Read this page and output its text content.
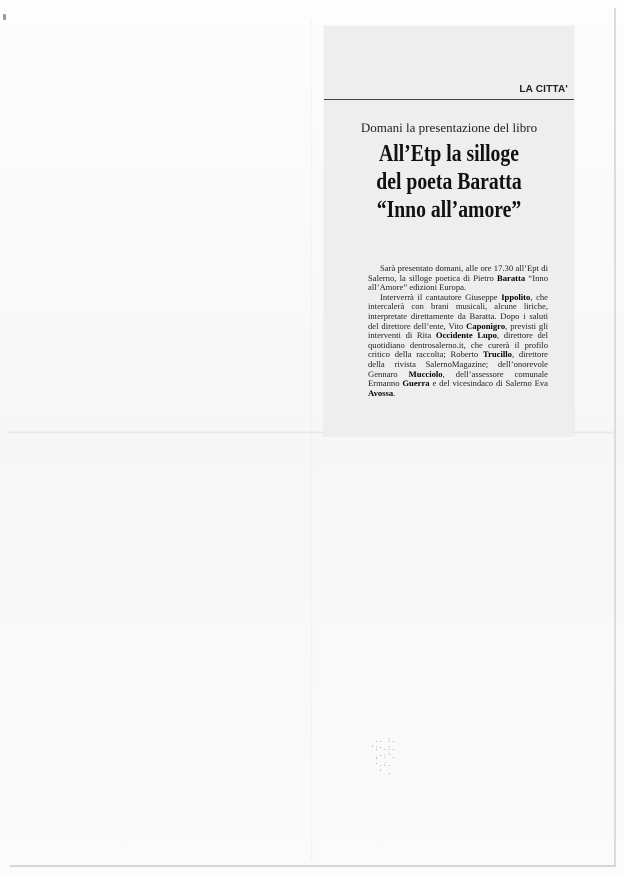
LA CITTA'
Domani la presentazione del libro
All’Etp la silloge
del poeta Baratta
“Inno all’amore”

Sarà presentato domani, alle ore 17.30 all’Ept di Salerno, la silloge poetica di Pietro Baratta “Inno all’Amore” edizioni Europa.

Interverrà il cantautore Giuseppe Ippolito, che intercalerà con brani musicali, alcune liriche, interpretate direttamente da Baratta. Dopo i saluti del direttore dell’ente, Vito Caponigro, previsti gli interventi di Rita Occidente Lupo, direttore del quotidiano dentrosalerno.it, che curerà il profilo critico della raccolta; Roberto Trucillo, direttore della rivista SalernoMagazine; dell’onorevole Gennaro Mucciolo, dell’assessore comunale Ermanno Guerra e del vicesindaco di Salerno Eva Avossa.

.. :.
':·.:.
,·:'.
·.:.
' .
